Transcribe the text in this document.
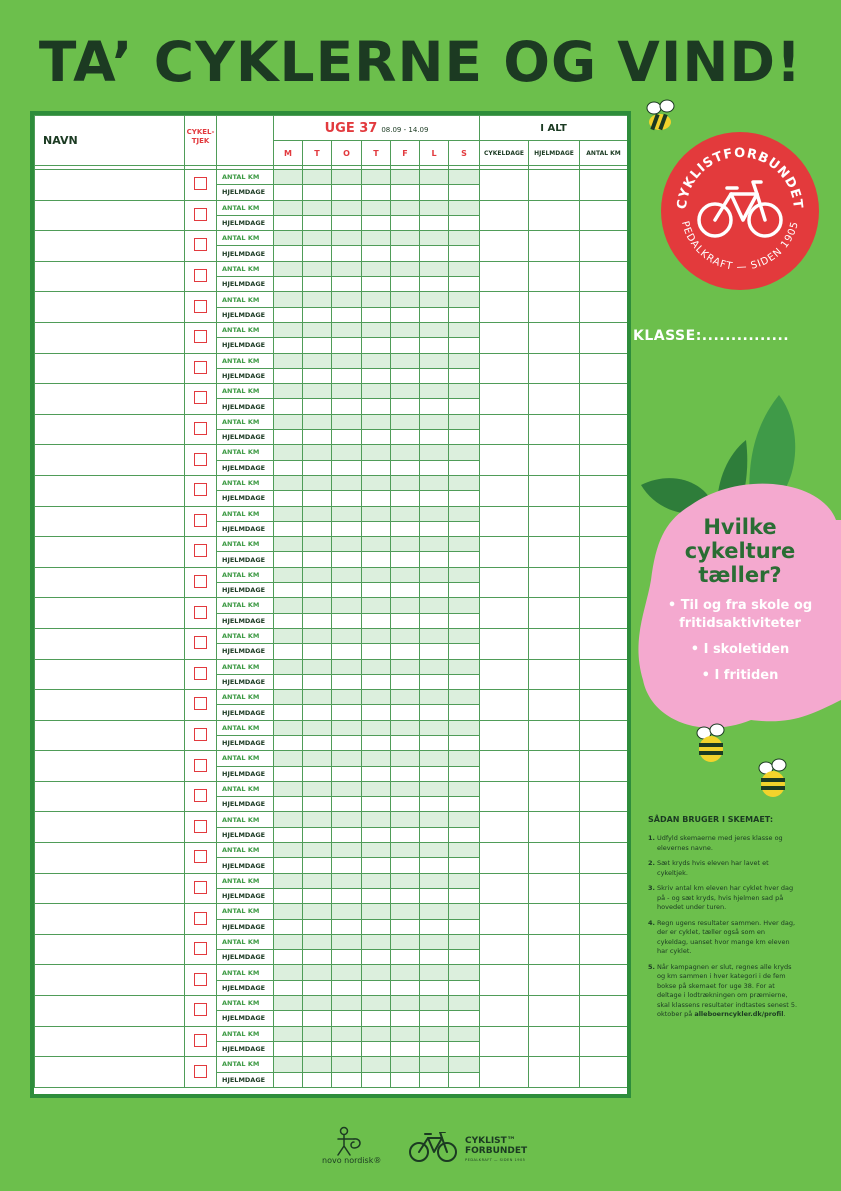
TA’ CYKLERNE OG VIND!
NAVN	CYKEL-
TJEK		UGE 37 08.09 - 14.09							I ALT		
			M	T	O	T	F	L	S	CYKELDAGE	HJELMDAGE	ANTAL KM

		ANTAL KM										
		HJELMDAGE										
		ANTAL KM										
		HJELMDAGE										
		ANTAL KM										
		HJELMDAGE										
		ANTAL KM										
		HJELMDAGE										
		ANTAL KM										
		HJELMDAGE										
		ANTAL KM										
		HJELMDAGE										
		ANTAL KM										
		HJELMDAGE										
		ANTAL KM										
		HJELMDAGE										
		ANTAL KM										
		HJELMDAGE										
		ANTAL KM										
		HJELMDAGE										
		ANTAL KM										
		HJELMDAGE										
		ANTAL KM										
		HJELMDAGE										
		ANTAL KM										
		HJELMDAGE										
		ANTAL KM										
		HJELMDAGE										
		ANTAL KM										
		HJELMDAGE										
		ANTAL KM										
		HJELMDAGE										
		ANTAL KM										
		HJELMDAGE										
		ANTAL KM										
		HJELMDAGE										
		ANTAL KM										
		HJELMDAGE										
		ANTAL KM										
		HJELMDAGE										
		ANTAL KM										
		HJELMDAGE										
		ANTAL KM										
		HJELMDAGE										
		ANTAL KM										
		HJELMDAGE										
		ANTAL KM										
		HJELMDAGE										
		ANTAL KM										
		HJELMDAGE										
		ANTAL KM										
		HJELMDAGE										
		ANTAL KM										
		HJELMDAGE										
		ANTAL KM										
		HJELMDAGE										
		ANTAL KM										
		HJELMDAGE										
		ANTAL KM										
		HJELMDAGE										
CYKLISTFORBUNDET
PEDALKRAFT — SIDEN 1905
KLASSE:...............
Hvilke
cykelture
tæller?
• Til og fra skole og fritidsaktiviteter
• I skoletiden
• I fritiden
SÅDAN BRUGER I SKEMAET:
1. Udfyld skemaerne med jeres klasse og elevernes navne.
2. Sæt kryds hvis eleven har lavet et cykeltjek.
3. Skriv antal km eleven har cyklet hver dag på - og sæt kryds, hvis hjelmen sad på hovedet under turen.
4. Regn ugens resultater sammen. Hver dag, der er cyklet, tæller også som en cykeldag, uanset hvor mange km eleven har cyklet.
5. Når kampagnen er slut, regnes alle kryds og km sammen i hver kategori i de fem bokse på skemaet for uge 38. For at deltage i lodtrækningen om præmierne, skal klassens resultater indtastes senest 5. oktober på alleboerncykler.dk/profil.
novo nordisk®
CYKLIST™
FORBUNDET
PEDALKRAFT — SIDEN 1905
